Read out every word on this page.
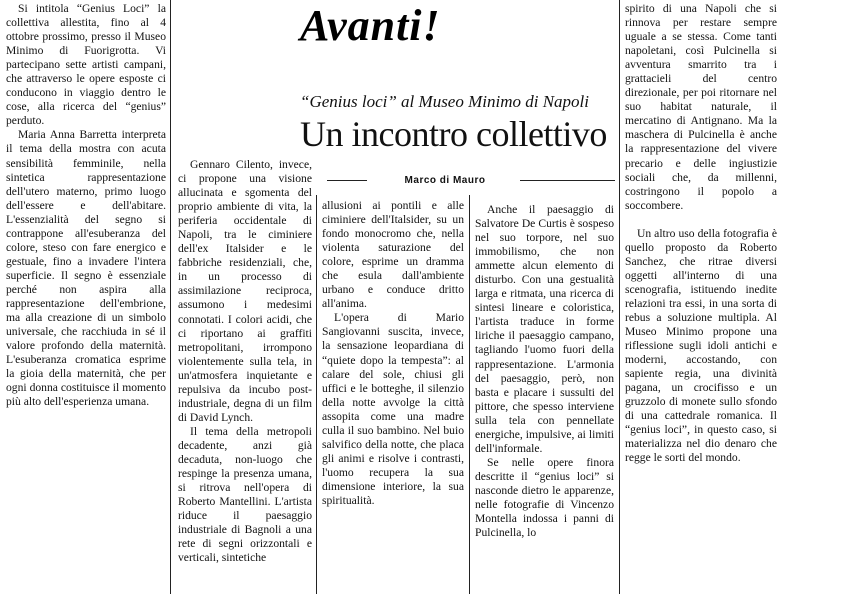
Si intitola “Genius Loci” la collettiva allestita, fino al 4 ottobre prossimo, presso il Museo Minimo di Fuorigrotta. Vi partecipano sette artisti campani, che attraverso le opere esposte ci conducono in viaggio dentro le cose, alla ricerca del “genius” perduto.

Maria Anna Barretta interpreta il tema della mostra con acuta sensibilità femminile, nella sintetica rappresentazione dell'utero materno, primo luogo dell'essere e dell'abitare. L'essenzialità del segno si contrappone all'esuberanza del colore, steso con fare energico e gestuale, fino a invadere l'intera superficie. Il segno è essenziale perché non aspira alla rappresentazione dell'embrione, ma alla creazione di un simbolo universale, che racchiuda in sé il valore profondo della maternità. L'esuberanza cromatica esprime la gioia della maternità, che per ogni donna costituisce il momento più alto dell'esperienza umana.

Avanti!
“Genius loci” al Museo Minimo di Napoli
Un incontro collettivo
Marco di Mauro

Gennaro Cilento, invece, ci propone una visione allucinata e sgomenta del proprio ambiente di vita, la periferia occidentale di Napoli, tra le ciminiere dell'ex Italsider e le fabbriche residenziali, che, in un processo di assimilazione reciproca, assumono i medesimi connotati. I colori acidi, che ci riportano ai graffiti metropolitani, irrompono violentemente sulla tela, in un'atmosfera inquietante e repulsiva da incubo post-industriale, degna di un film di David Lynch.

Il tema della metropoli decadente, anzi già decaduta, non-luogo che respinge la presenza umana, si ritrova nell'opera di Roberto Mantellini. L'artista riduce il paesaggio industriale di Bagnoli a una rete di segni orizzontali e verticali, sintetiche

allusioni ai pontili e alle ciminiere dell'Italsider, su un fondo monocromo che, nella violenta saturazione del colore, esprime un dramma che esula dall'ambiente urbano e conduce dritto all'anima.

L'opera di Mario Sangiovanni suscita, invece, la sensazione leopardiana di “quiete dopo la tempesta”: al calare del sole, chiusi gli uffici e le botteghe, il silenzio della notte avvolge la città assopita come una madre culla il suo bambino. Nel buio salvifico della notte, che placa gli animi e risolve i contrasti, l'uomo recupera la sua dimensione interiore, la sua spiritualità.

Anche il paesaggio di Salvatore De Curtis è sospeso nel suo torpore, nel suo immobilismo, che non ammette alcun elemento di disturbo. Con una gestualità larga e ritmata, una ricerca di sintesi lineare e coloristica, l'artista traduce in forme liriche il paesaggio campano, tagliando l'uomo fuori della rappresentazione. L'armonia del paesaggio, però, non basta e placare i sussulti del pittore, che spesso interviene sulla tela con pennellate energiche, impulsive, ai limiti dell'informale.

Se nelle opere finora descritte il “genius loci” si nasconde dietro le apparenze, nelle fotografie di Vincenzo Montella indossa i panni di Pulcinella, lo

spirito di una Napoli che si rinnova per restare sempre uguale a se stessa. Come tanti napoletani, così Pulcinella si avventura smarrito tra i grattacieli del centro direzionale, per poi ritornare nel suo habitat naturale, il mercatino di Antignano. Ma la maschera di Pulcinella è anche la rappresentazione del vivere precario e delle ingiustizie sociali che, da millenni, costringono il popolo a soccombere.

Un altro uso della fotografia è quello proposto da Roberto Sanchez, che ritrae diversi oggetti all'interno di una scenografia, istituendo inedite relazioni tra essi, in una sorta di rebus a soluzione multipla. Al Museo Minimo propone una riflessione sugli idoli antichi e moderni, accostando, con sapiente regia, una divinità pagana, un crocifisso e un gruzzolo di monete sullo sfondo di una cattedrale romanica. Il “genius loci”, in questo caso, si materializza nel dio denaro che regge le sorti del mondo.
